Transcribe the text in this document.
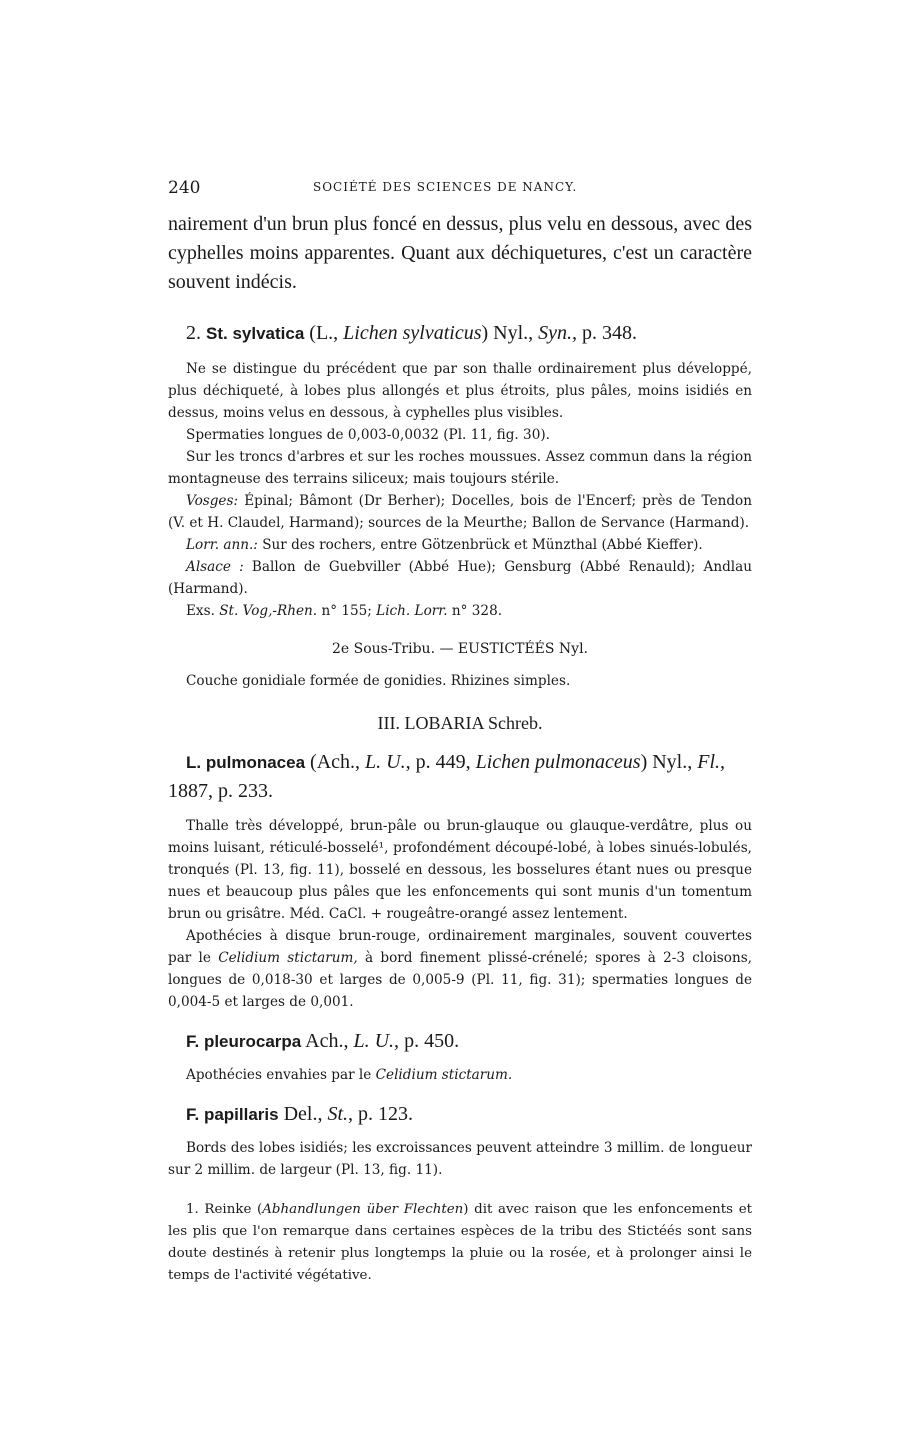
240	SOCIÉTÉ DES SCIENCES DE NANCY.

nairement d'un brun plus foncé en dessus, plus velu en dessous, avec des cyphelles moins apparentes. Quant aux déchiquetures, c'est un caractère souvent indécis.

2. St. sylvatica (L., Lichen sylvaticus) Nyl., Syn., p. 348.

Ne se distingue du précédent que par son thalle ordinairement plus développé, plus déchiqueté, à lobes plus allongés et plus étroits, plus pâles, moins isidiés en dessus, moins velus en dessous, à cyphelles plus visibles.

Spermaties longues de 0,003-0,0032 (Pl. 11, fig. 30).

Sur les troncs d'arbres et sur les roches moussues. Assez commun dans la région montagneuse des terrains siliceux; mais toujours stérile.

Vosges: Épinal; Bâmont (Dr Berher); Docelles, bois de l'Encerf; près de Tendon (V. et H. Claudel, Harmand); sources de la Meurthe; Ballon de Servance (Harmand).

Lorr. ann.: Sur des rochers, entre Götzenbrück et Münzthal (Abbé Kieffer).

Alsace : Ballon de Guebviller (Abbé Hue); Gensburg (Abbé Renauld); Andlau (Harmand).

Exs. St. Vog,-Rhen. n° 155; Lich. Lorr. n° 328.

2e Sous-Tribu. — EUSTICTÉÉS Nyl.

Couche gonidiale formée de gonidies. Rhizines simples.

III. LOBARIA Schreb.

L. pulmonacea (Ach., L. U., p. 449, Lichen pulmonaceus) Nyl., Fl., 1887, p. 233.

Thalle très développé, brun-pâle ou brun-glauque ou glauque-verdâtre, plus ou moins luisant, réticulé-bosselé¹, profondément découpé-lobé, à lobes sinués-lobulés, tronqués (Pl. 13, fig. 11), bosselé en dessous, les bosselures étant nues ou presque nues et beaucoup plus pâles que les enfoncements qui sont munis d'un tomentum brun ou grisâtre. Méd. CaCl. + rougeâtre-orangé assez lentement.

Apothécies à disque brun-rouge, ordinairement marginales, souvent couvertes par le Celidium stictarum, à bord finement plissé-crénelé; spores à 2-3 cloisons, longues de 0,018-30 et larges de 0,005-9 (Pl. 11, fig. 31); spermaties longues de 0,004-5 et larges de 0,001.

F. pleurocarpa Ach., L. U., p. 450.

Apothécies envahies par le Celidium stictarum.

F. papillaris Del., St., p. 123.

Bords des lobes isidiés; les excroissances peuvent atteindre 3 millim. de longueur sur 2 millim. de largeur (Pl. 13, fig. 11).

1. Reinke (Abhandlungen über Flechten) dit avec raison que les enfoncements et les plis que l'on remarque dans certaines espèces de la tribu des Stictéés sont sans doute destinés à retenir plus longtemps la pluie ou la rosée, et à prolonger ainsi le temps de l'activité végétative.
